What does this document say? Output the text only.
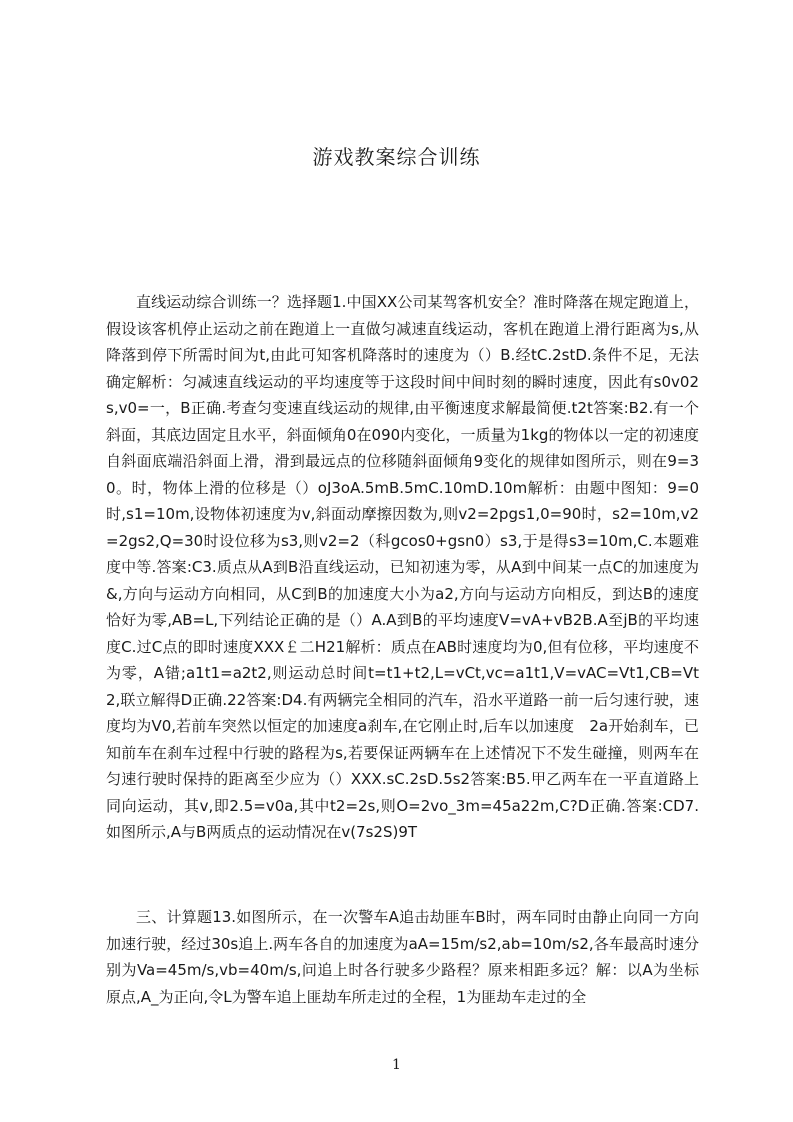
游戏教案综合训练

直线运动综合训练一？选择题1.中国XX公司某驾客机安全？准时降落在规定跑道上，假设该客机停止运动之前在跑道上一直做匀减速直线运动，客机在跑道上滑行距离为s,从降落到停下所需时间为t,由此可知客机降落时的速度为（）B.经tC.2stD.条件不足，无法确定解析：匀减速直线运动的平均速度等于这段时间中间时刻的瞬时速度，因此有s0v02s,v0=一，B正确.考查匀变速直线运动的规律,由平衡速度求解最简便.t2t答案:B2.有一个斜面，其底边固定且水平，斜面倾角0在090内变化，一质量为1kg的物体以一定的初速度自斜面底端沿斜面上滑，滑到最远点的位移随斜面倾角9变化的规律如图所示，则在9=30。时，物体上滑的位移是（）oJ3oA.5mB.5mC.10mD.10m解析：由题中图知：9=0时,s1=10m,设物体初速度为v,斜面动摩擦因数为,则v2=2pgs1,0=90时，s2=10m,v2=2gs2,Q=30时设位移为s3,则v2=2（科gcos0+gsn0）s3,于是得s3=10m,C.本题难度中等.答案:C3.质点从A到B沿直线运动，已知初速为零，从A到中间某一点C的加速度为&,方向与运动方向相同，从C到B的加速度大小为a2,方向与运动方向相反，到达B的速度恰好为零,AB=L,下列结论正确的是（）A.A到B的平均速度V=vA+vB2B.A至jB的平均速度C.过C点的即时速度XXX￡二H21解析：质点在AB时速度均为0,但有位移，平均速度不为零，A错;a1t1=a2t2,则运动总时间t=t1+t2,L=vCt,vc=a1t1,V=vAC=Vt1,CB=Vt2,联立解得D正确.22答案:D4.有两辆完全相同的汽车，沿水平道路一前一后匀速行驶，速度均为V0,若前车突然以恒定的加速度a刹车,在它刚止时,后车以加速度　2a开始刹车，已知前车在刹车过程中行驶的路程为s,若要保证两辆车在上述情况下不发生碰撞，则两车在匀速行驶时保持的距离至少应为（）XXX.sC.2sD.5s2答案:B5.甲乙两车在一平直道路上同向运动，其v,即2.5=v0a,其中t2=2s,则O=2vo_3m=45a22m,C?D正确.答案:CD7.如图所示,A与B两质点的运动情况在v(7s2S)9T

三、计算题13.如图所示，在一次警车A追击劫匪车B时，两车同时由静止向同一方向加速行驶，经过30s追上.两车各自的加速度为aA=15m/s2,ab=10m/s2,各车最高时速分别为Va=45m/s,vb=40m/s,问追上时各行驶多少路程？原来相距多远？解：以A为坐标原点,A_为正向,令L为警车追上匪劫车所走过的全程，1为匪劫车走过的全

1
